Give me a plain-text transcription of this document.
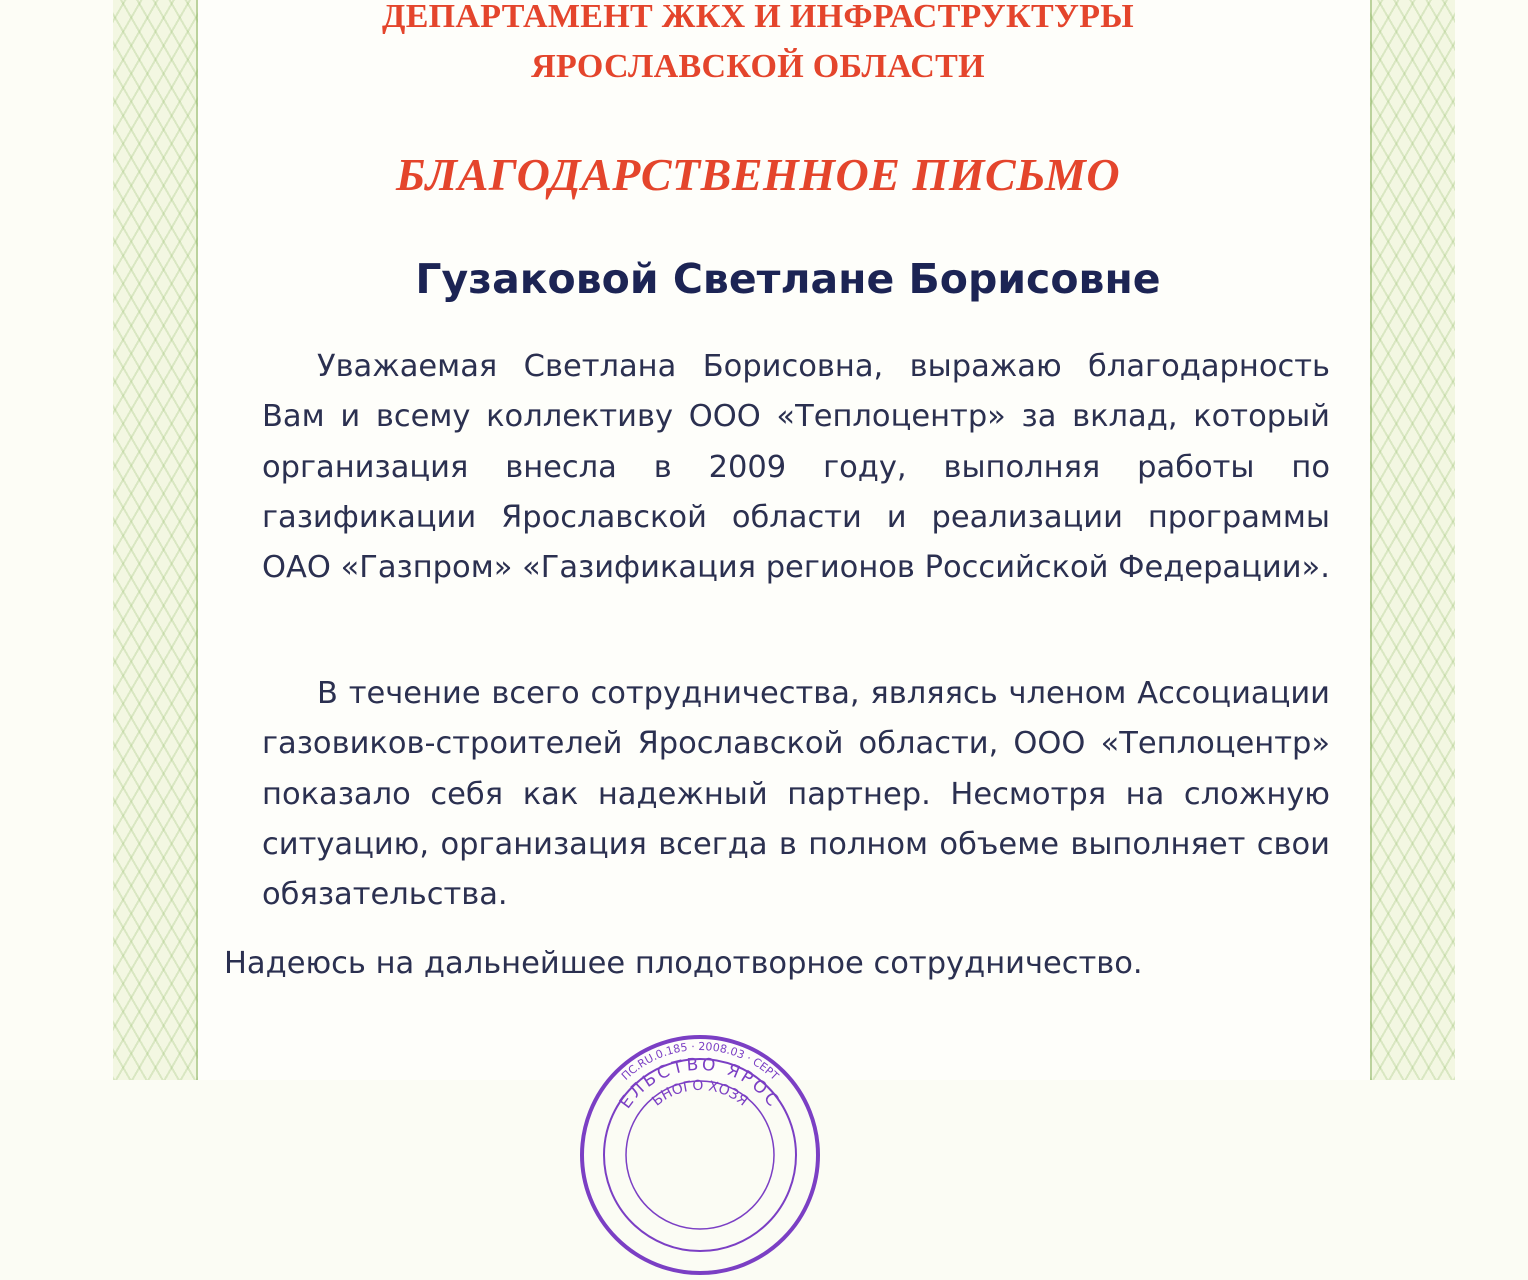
ДЕПАРТАМЕНТ ЖКХ И ИНФРАСТРУКТУРЫ
ЯРОСЛАВСКОЙ ОБЛАСТИ
БЛАГОДАРСТВЕННОЕ ПИСЬМО
Гузаковой Светлане Борисовне

Уважаемая Светлана Борисовна, выражаю благодарность Вам и всему коллективу ООО «Теплоцентр» за вклад, который организация внесла в 2009 году, выполняя работы по газификации Ярославской области и реализации программы ОАО «Газпром» «Газификация регионов Российской Федерации».

В течение всего сотрудничества, являясь членом Ассоциации газовиков-строителей Ярославской области, ООО «Теплоцентр» показало себя как надежный партнер. Несмотря на сложную ситуацию, организация всегда в полном объеме выполняет свои обязательства.

Надеюсь на дальнейшее плодотворное сотрудничество.

ПС.RU.0.185 · 2008.03 · СЕРТ
ЕЛЬСТВО ЯРОС
ЬНОГО ХОЗЯ
